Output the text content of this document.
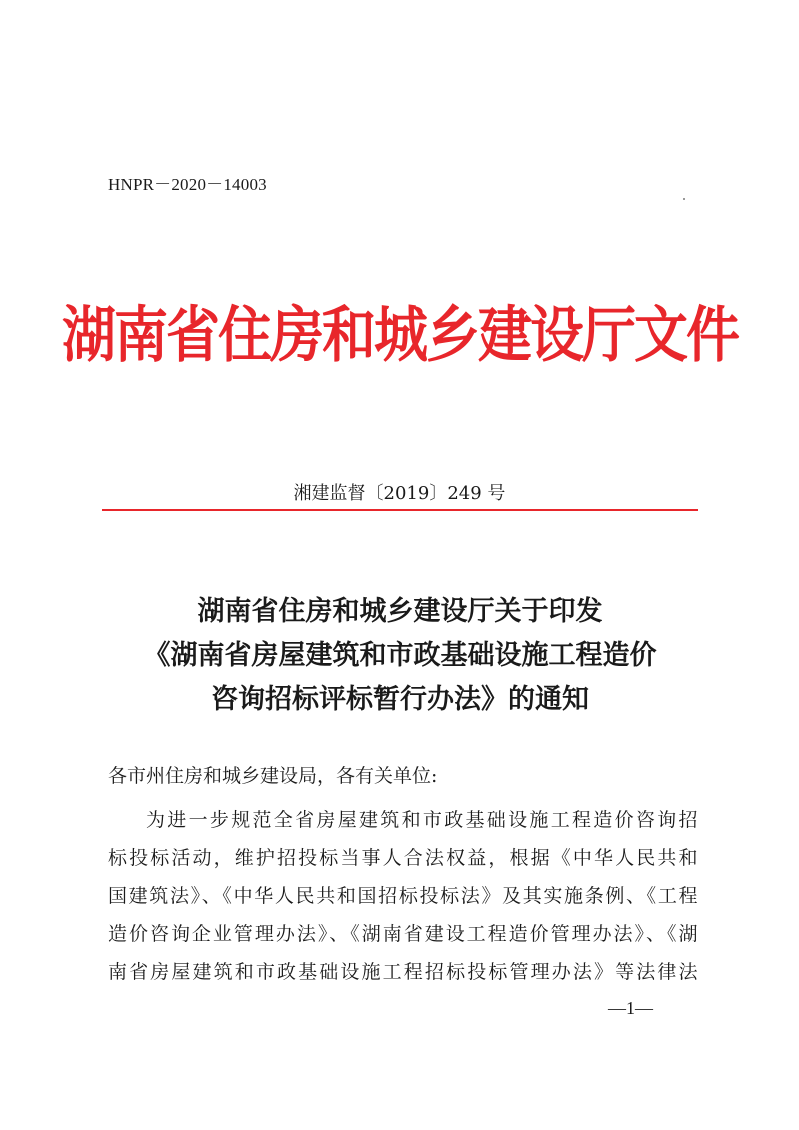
HNPR－2020－14003
湖南省住房和城乡建设厅文件
湘建监督〔2019〕249 号
湖南省住房和城乡建设厅关于印发
《湖南省房屋建筑和市政基础设施工程造价
咨询招标评标暂行办法》的通知
各市州住房和城乡建设局，各有关单位:
为进一步规范全省房屋建筑和市政基础设施工程造价咨询招
标投标活动，维护招投标当事人合法权益，根据《中华人民共和
国建筑法》、《中华人民共和国招标投标法》及其实施条例、《工程
造价咨询企业管理办法》、《湖南省建设工程造价管理办法》、《湖
南省房屋建筑和市政基础设施工程招标投标管理办法》等法律法
—1—
